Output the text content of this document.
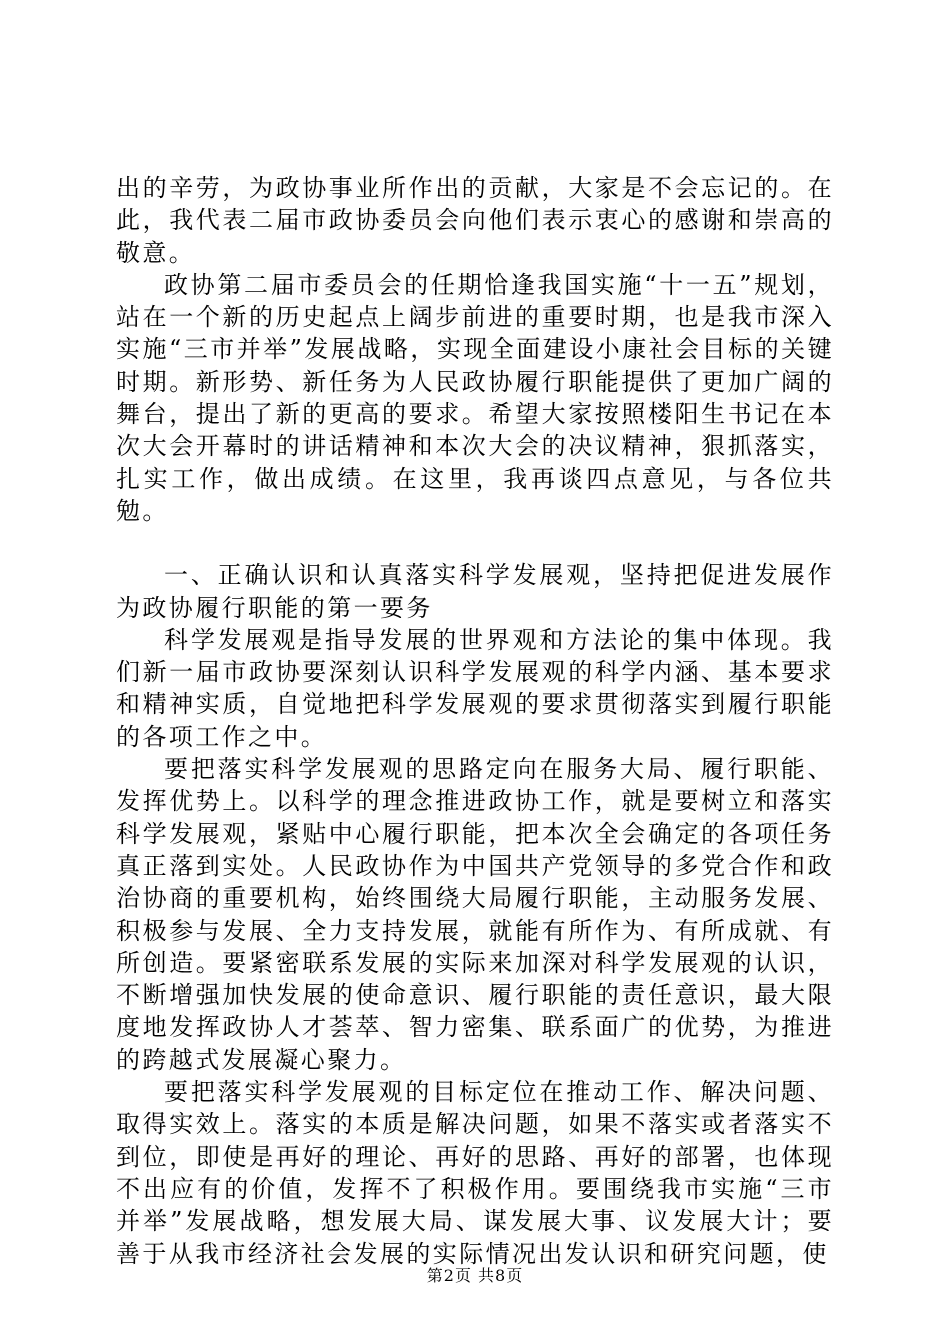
出的辛劳，为政协事业所作出的贡献，大家是不会忘记的。在此，我代表二届市政协委员会向他们表示衷心的感谢和崇高的敬意。

政协第二届市委员会的任期恰逢我国实施“十一五”规划，站在一个新的历史起点上阔步前进的重要时期，也是我市深入实施“三市并举”发展战略，实现全面建设小康社会目标的关键时期。新形势、新任务为人民政协履行职能提供了更加广阔的舞台，提出了新的更高的要求。希望大家按照楼阳生书记在本次大会开幕时的讲话精神和本次大会的决议精神，狠抓落实，扎实工作，做出成绩。在这里，我再谈四点意见，与各位共勉。

一、正确认识和认真落实科学发展观，坚持把促进发展作为政协履行职能的第一要务

科学发展观是指导发展的世界观和方法论的集中体现。我们新一届市政协要深刻认识科学发展观的科学内涵、基本要求和精神实质，自觉地把科学发展观的要求贯彻落实到履行职能的各项工作之中。

要把落实科学发展观的思路定向在服务大局、履行职能、发挥优势上。以科学的理念推进政协工作，就是要树立和落实科学发展观，紧贴中心履行职能，把本次全会确定的各项任务真正落到实处。人民政协作为中国共产党领导的多党合作和政治协商的重要机构，始终围绕大局履行职能，主动服务发展、积极参与发展、全力支持发展，就能有所作为、有所成就、有所创造。要紧密联系发展的实际来加深对科学发展观的认识，不断增强加快发展的使命意识、履行职能的责任意识，最大限度地发挥政协人才荟萃、智力密集、联系面广的优势，为推进的跨越式发展凝心聚力。

要把落实科学发展观的目标定位在推动工作、解决问题、取得实效上。落实的本质是解决问题，如果不落实或者落实不到位，即使是再好的理论、再好的思路、再好的部署，也体现不出应有的价值，发挥不了积极作用。要围绕我市实施“三市并举”发展战略，想发展大局、谋发展大事、议发展大计；要善于从我市经济社会发展的实际情况出发认识和研究问题，使

第2页 共8页
